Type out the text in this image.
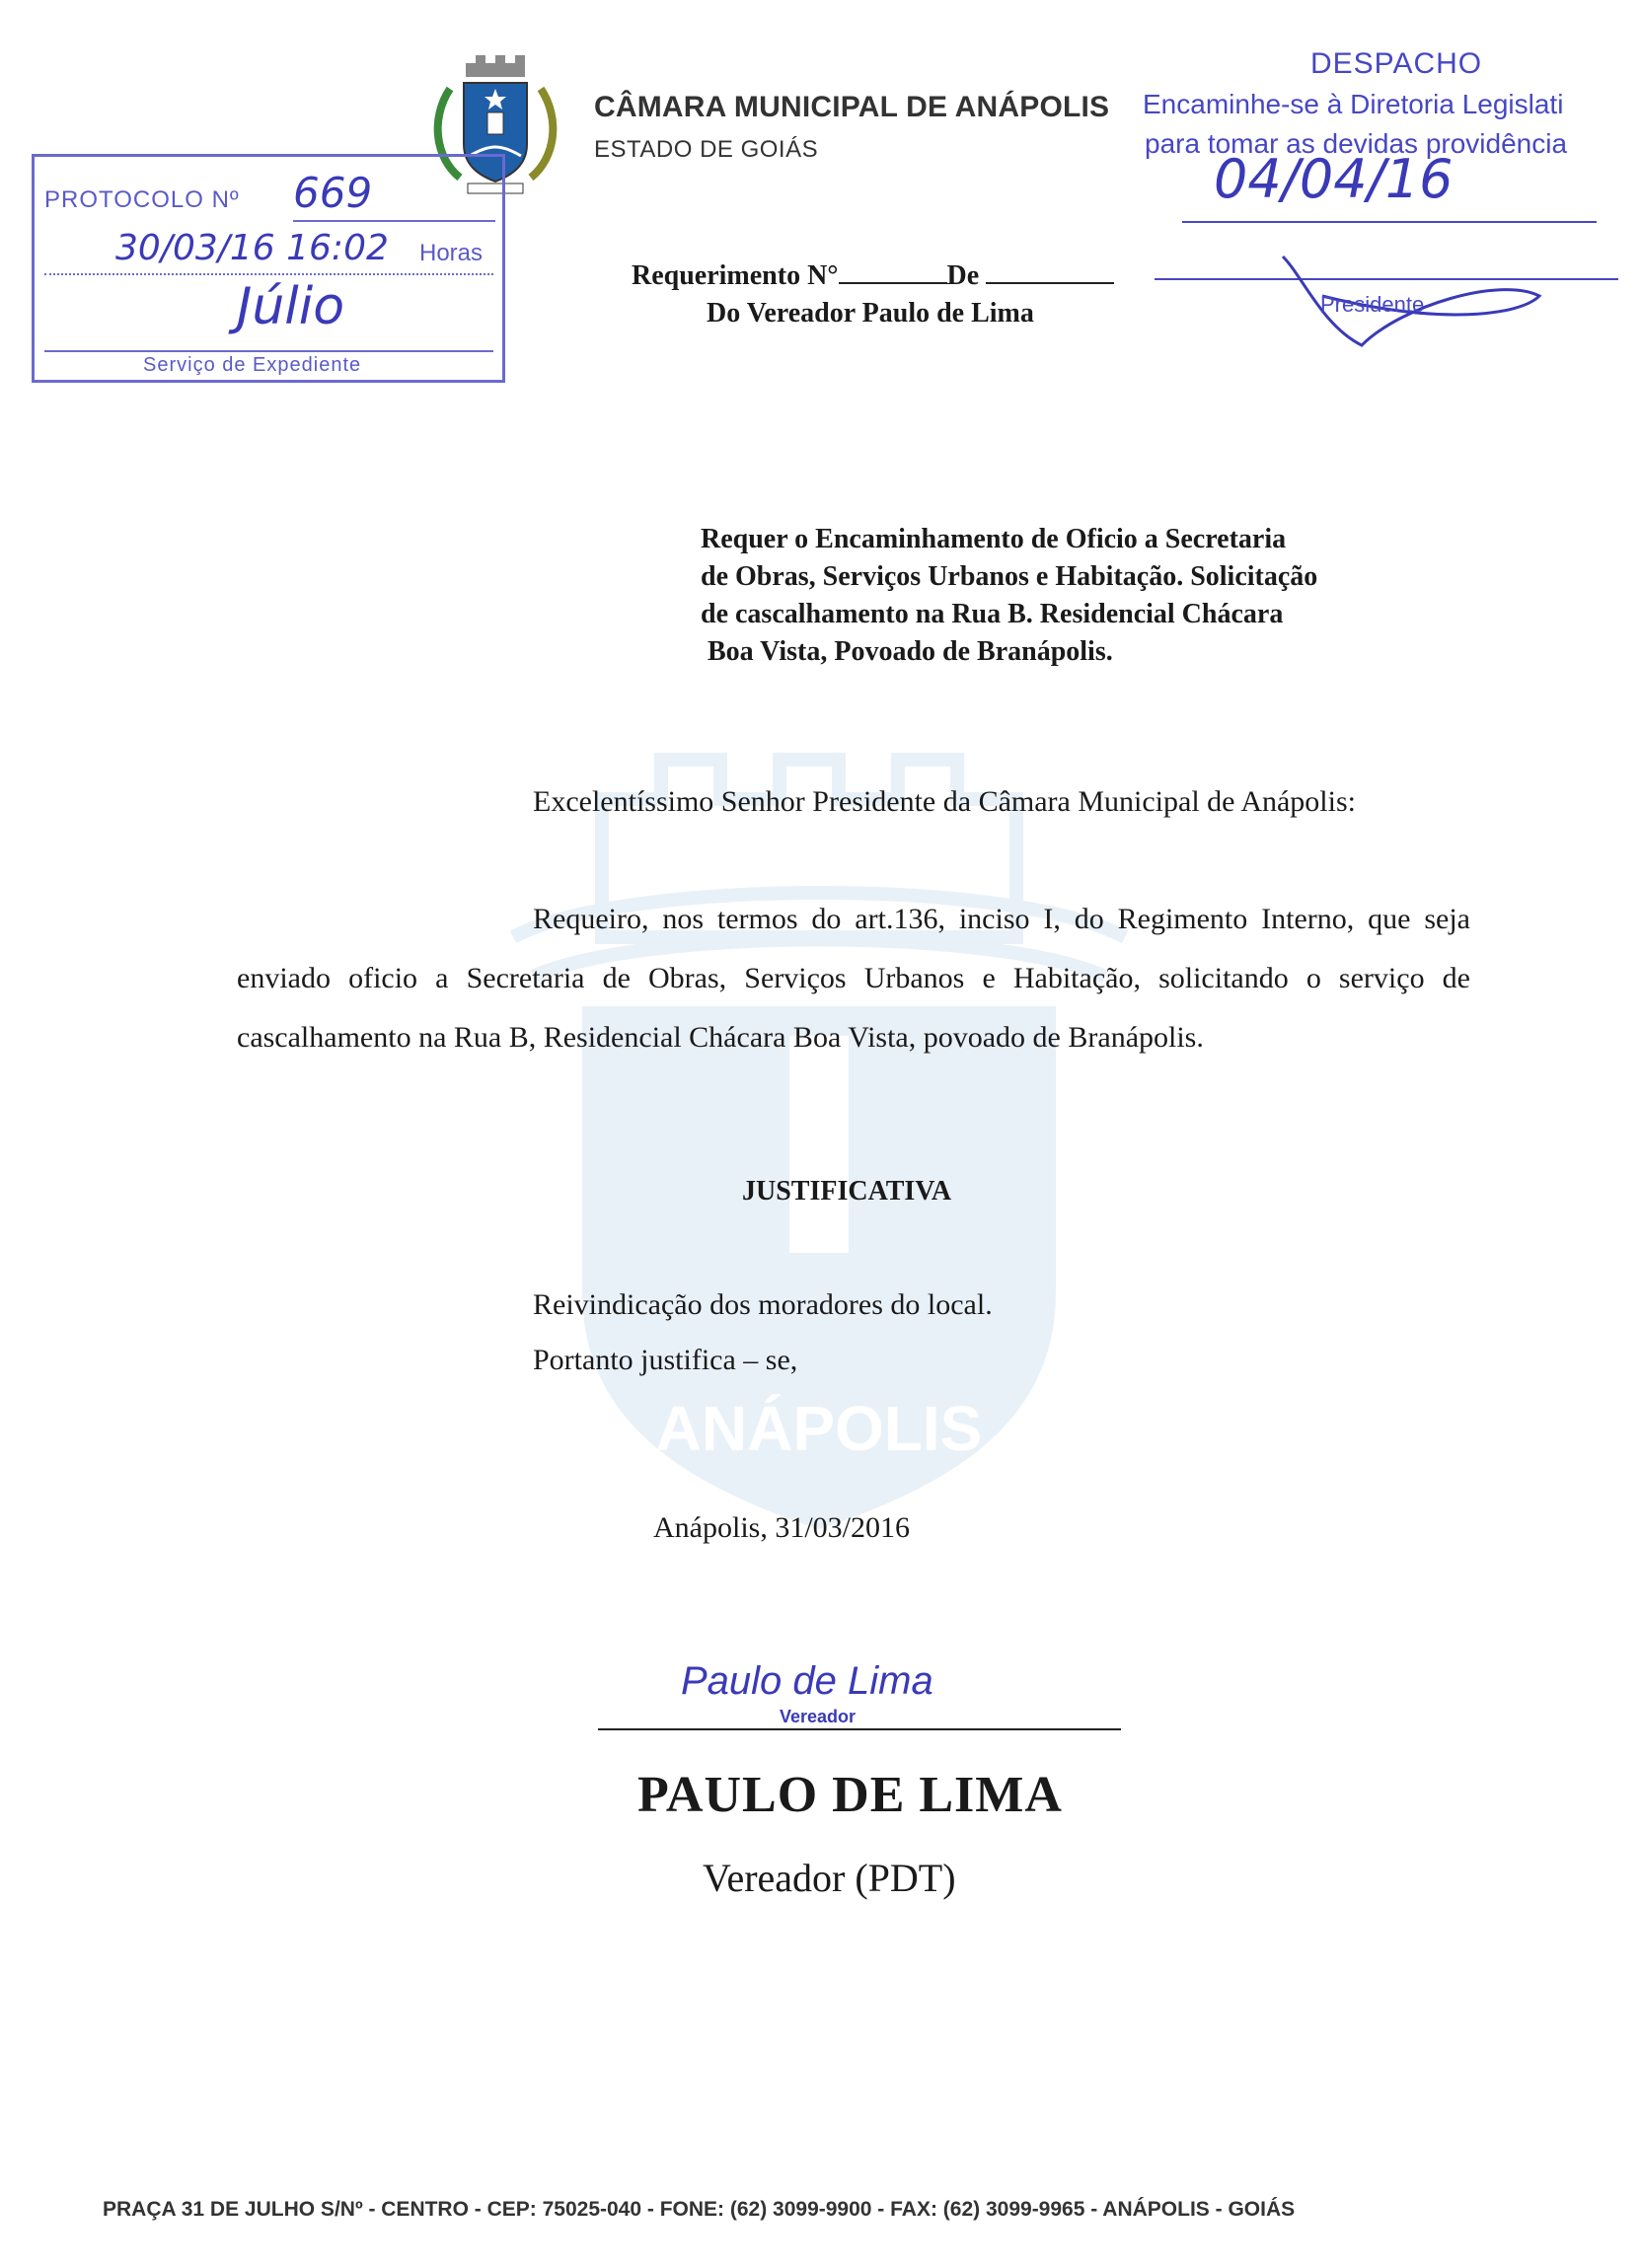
ANÁPOLIS
CÂMARA MUNICIPAL DE ANÁPOLIS
ESTADO DE GOIÁS
PROTOCOLO Nº 669
30/03/16 16:02 Horas
Júlio
Serviço de Expediente
DESPACHO
Encaminhe-se à Diretoria Legislati
para tomar as devidas providência
04/04/16
Presidente
Requerimento N°	De
Do Vereador Paulo de Lima
Requer o Encaminhamento de Oficio a Secretaria
de Obras, Serviços Urbanos e Habitação. Solicitação
de cascalhamento na Rua B. Residencial Chácara
Boa Vista, Povoado de Branápolis.
Excelentíssimo Senhor Presidente da Câmara Municipal de Anápolis:
Requeiro, nos termos do art.136, inciso I, do Regimento Interno, que seja enviado oficio a Secretaria de Obras, Serviços Urbanos e Habitação, solicitando o serviço de cascalhamento na Rua B, Residencial Chácara Boa Vista, povoado de Branápolis.
JUSTIFICATIVA
Reivindicação dos moradores do local.
Portanto justifica – se,
Anápolis, 31/03/2016
Paulo de Lima
Vereador
PAULO DE LIMA
Vereador (PDT)
PRAÇA 31 DE JULHO S/Nº - CENTRO - CEP: 75025-040 - FONE: (62) 3099-9900 - FAX: (62) 3099-9965 - ANÁPOLIS - GOIÁS
